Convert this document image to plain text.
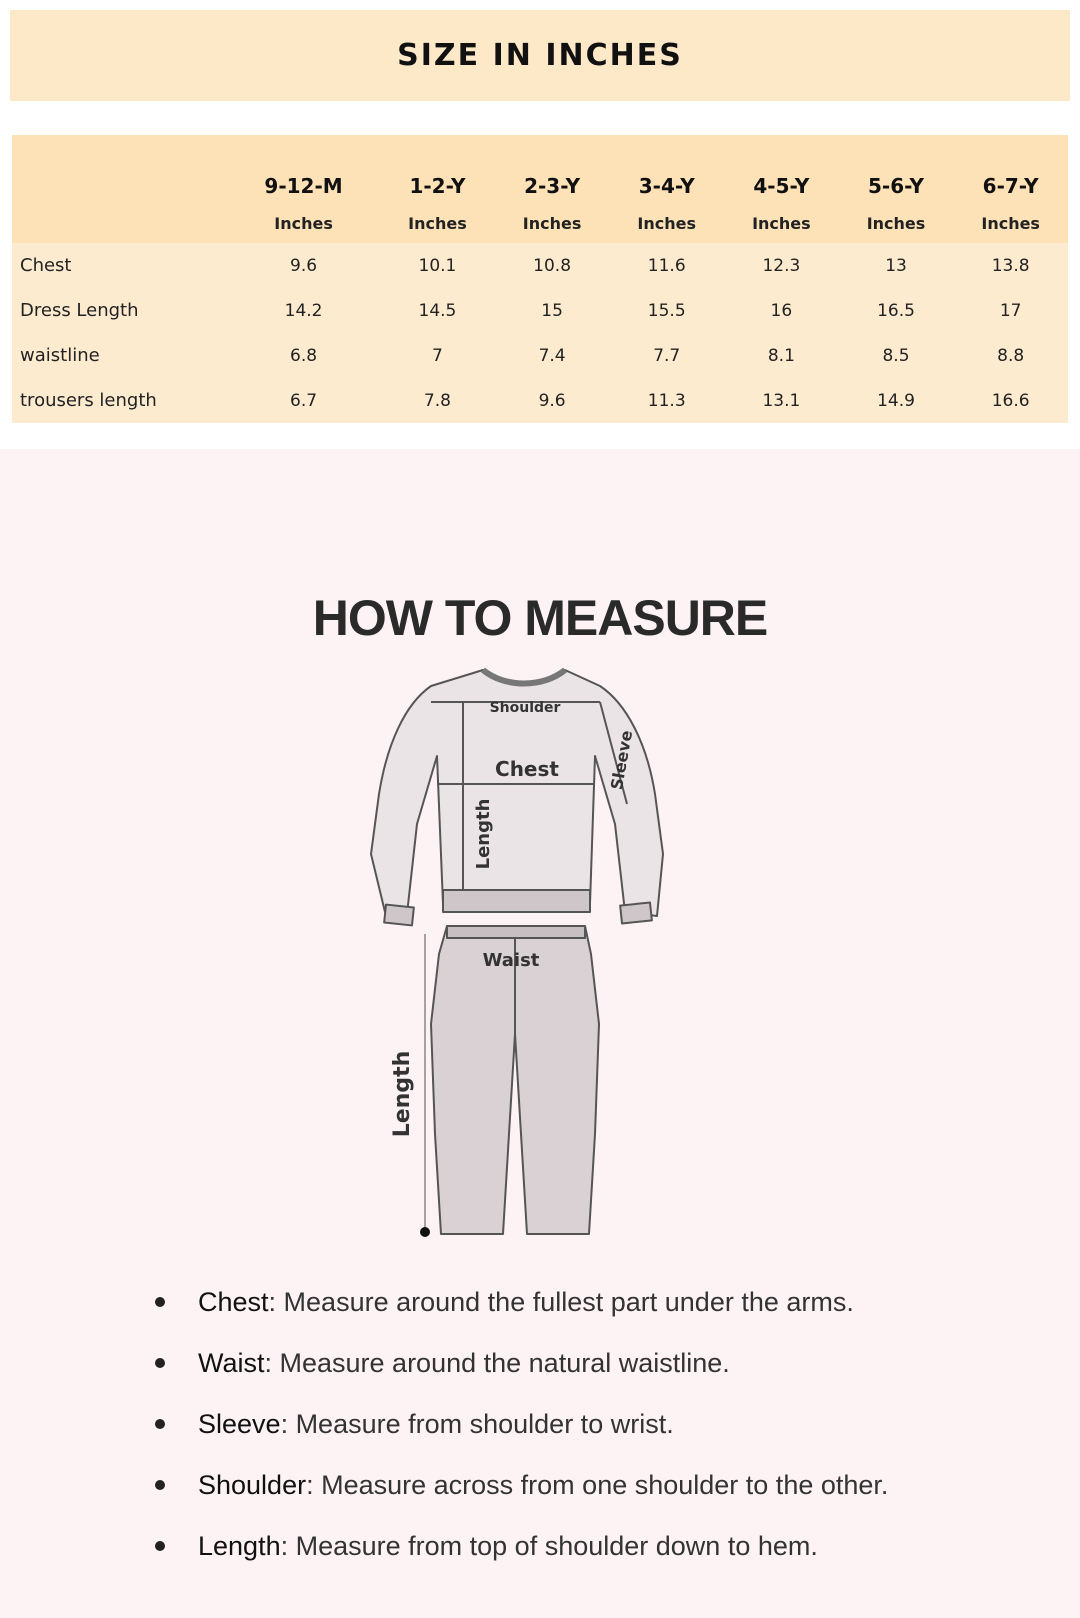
SIZE IN INCHES
	9-12-M	1-2-Y	2-3-Y	3-4-Y	4-5-Y	5-6-Y	6-7-Y
	Inches	Inches	Inches	Inches	Inches	Inches	Inches
Chest	9.6	10.1	10.8	11.6	12.3	13	13.8
Dress Length	14.2	14.5	15	15.5	16	16.5	17
waistline	6.8	7	7.4	7.7	8.1	8.5	8.8
trousers length	6.7	7.8	9.6	11.3	13.1	14.9	16.6
HOW TO MEASURE
Shoulder
Chest	Sleeve
Length
Waist
Length
Chest: Measure around the fullest part under the arms.
Waist: Measure around the natural waistline.
Sleeve: Measure from shoulder to wrist.
Shoulder: Measure across from one shoulder to the other.
Length: Measure from top of shoulder down to hem.
